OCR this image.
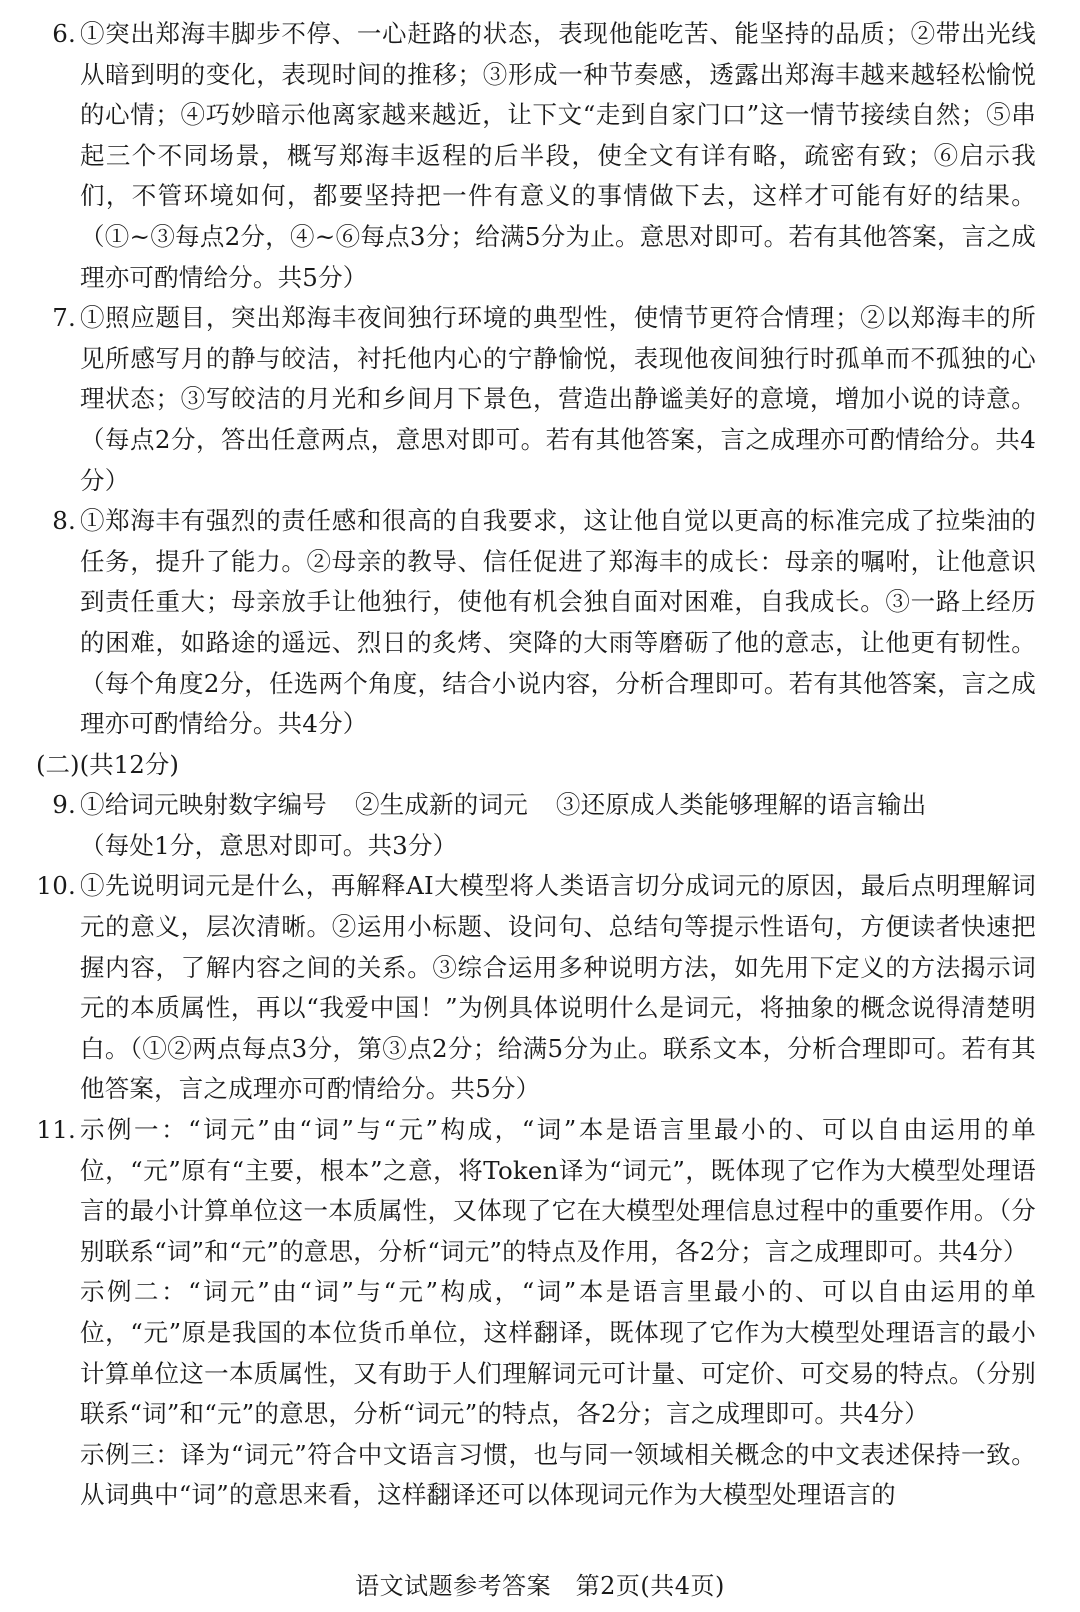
6. ①突出郑海丰脚步不停、一心赶路的状态，表现他能吃苦、能坚持的品质；②带出光线从暗到明的变化，表现时间的推移；③形成一种节奏感，透露出郑海丰越来越轻松愉悦的心情；④巧妙暗示他离家越来越近，让下文“走到自家门口”这一情节接续自然；⑤串起三个不同场景，概写郑海丰返程的后半段，使全文有详有略，疏密有致；⑥启示我们，不管环境如何，都要坚持把一件有意义的事情做下去，这样才可能有好的结果。（①~③每点2分，④~⑥每点3分；给满5分为止。意思对即可。若有其他答案，言之成理亦可酌情给分。共5分）

7. ①照应题目，突出郑海丰夜间独行环境的典型性，使情节更符合情理；②以郑海丰的所见所感写月的静与皎洁，衬托他内心的宁静愉悦，表现他夜间独行时孤单而不孤独的心理状态；③写皎洁的月光和乡间月下景色，营造出静谧美好的意境，增加小说的诗意。（每点2分，答出任意两点，意思对即可。若有其他答案，言之成理亦可酌情给分。共4分）

8. ①郑海丰有强烈的责任感和很高的自我要求，这让他自觉以更高的标准完成了拉柴油的任务，提升了能力。②母亲的教导、信任促进了郑海丰的成长：母亲的嘱咐，让他意识到责任重大；母亲放手让他独行，使他有机会独自面对困难，自我成长。③一路上经历的困难，如路途的遥远、烈日的炙烤、突降的大雨等磨砺了他的意志，让他更有韧性。（每个角度2分，任选两个角度，结合小说内容，分析合理即可。若有其他答案，言之成理亦可酌情给分。共4分）

(二)(共12分)
9. ①给词元映射数字编号 ②生成新的词元 ③还原成人类能够理解的语言输出

（每处1分，意思对即可。共3分）

10. ①先说明词元是什么，再解释AI大模型将人类语言切分成词元的原因，最后点明理解词元的意义，层次清晰。②运用小标题、设问句、总结句等提示性语句，方便读者快速把握内容，了解内容之间的关系。③综合运用多种说明方法，如先用下定义的方法揭示词元的本质属性，再以“我爱中国！”为例具体说明什么是词元，将抽象的概念说得清楚明白。（①②两点每点3分，第③点2分；给满5分为止。联系文本，分析合理即可。若有其他答案，言之成理亦可酌情给分。共5分）

11. 示例一：“词元”由“词”与“元”构成，“词”本是语言里最小的、可以自由运用的单位，“元”原有“主要，根本”之意，将Token译为“词元”，既体现了它作为大模型处理语言的最小计算单位这一本质属性，又体现了它在大模型处理信息过程中的重要作用。（分别联系“词”和“元”的意思，分析“词元”的特点及作用，各2分；言之成理即可。共4分）

示例二：“词元”由“词”与“元”构成，“词”本是语言里最小的、可以自由运用的单位，“元”原是我国的本位货币单位，这样翻译，既体现了它作为大模型处理语言的最小计算单位这一本质属性，又有助于人们理解词元可计量、可定价、可交易的特点。（分别联系“词”和“元”的意思，分析“词元”的特点，各2分；言之成理即可。共4分）

示例三：译为“词元”符合中文语言习惯，也与同一领域相关概念的中文表述保持一致。从词典中“词”的意思来看，这样翻译还可以体现词元作为大模型处理语言的

语文试题参考答案　第2页(共4页)
